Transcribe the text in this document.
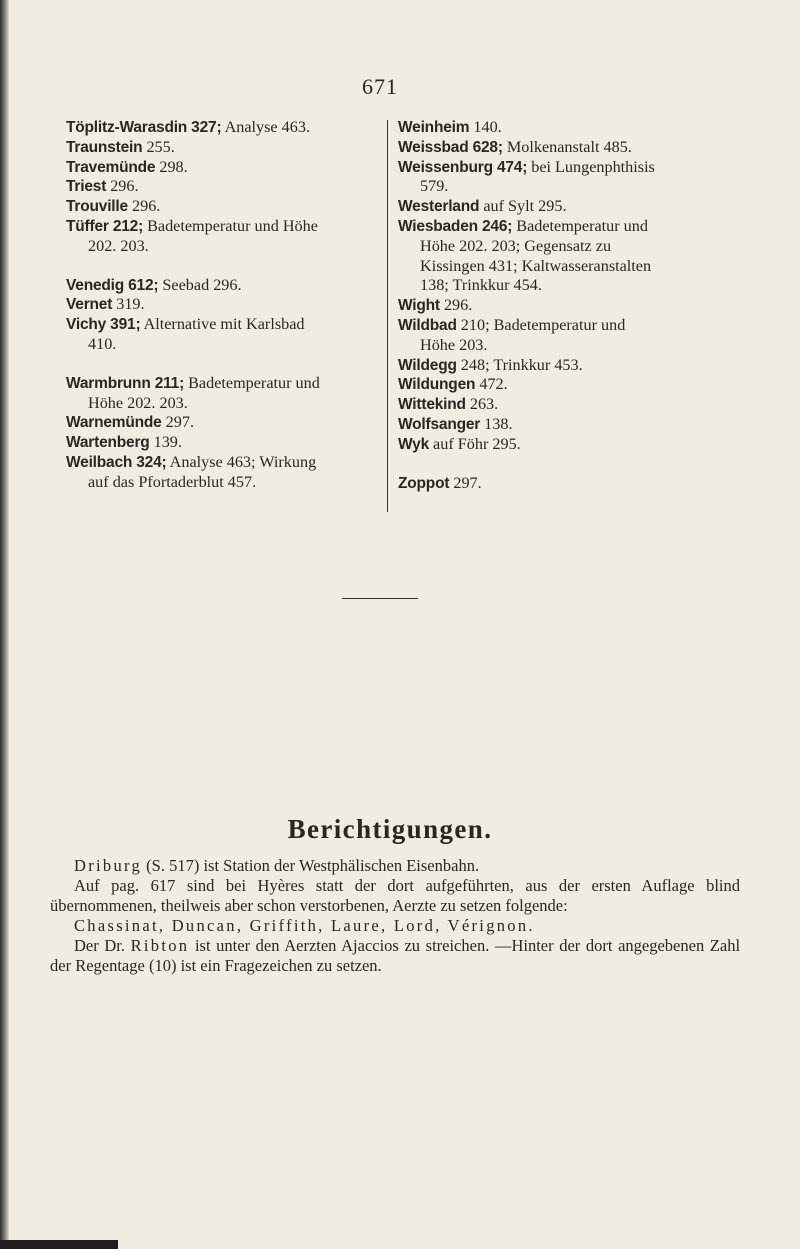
671

Töplitz-Warasdin 327; Analyse 463.

Traunstein 255.

Travemünde 298.

Triest 296.

Trouville 296.

Tüffer 212; Badetemperatur und Höhe
202. 203.

Venedig 612; Seebad 296.

Vernet 319.

Vichy 391; Alternative mit Karlsbad
410.

Warmbrunn 211; Badetemperatur und
Höhe 202. 203.

Warnemünde 297.

Wartenberg 139.

Weilbach 324; Analyse 463; Wirkung
auf das Pfortaderblut 457.

Weinheim 140.

Weissbad 628; Molkenanstalt 485.

Weissenburg 474; bei Lungenphthisis
579.

Westerland auf Sylt 295.

Wiesbaden 246; Badetemperatur und
Höhe 202. 203; Gegensatz zu
Kissingen 431; Kaltwasseranstalten
138; Trinkkur 454.

Wight 296.

Wildbad 210; Badetemperatur und
Höhe 203.

Wildegg 248; Trinkkur 453.

Wildungen 472.

Wittekind 263.

Wolfsanger 138.

Wyk auf Föhr 295.

Zoppot 297.

Berichtigungen.

Driburg (S. 517) ist Station der Westphälischen Eisenbahn.

Auf pag. 617 sind bei Hyères statt der dort aufgeführten, aus der ersten Auflage blind übernommenen, theilweis aber schon verstorbenen, Aerzte zu setzen folgende:

Chassinat, Duncan, Griffith, Laure, Lord, Vérignon.

Der Dr. Ribton ist unter den Aerzten Ajaccios zu streichen. —Hinter der dort angegebenen Zahl der Regentage (10) ist ein Fragezeichen zu setzen.
